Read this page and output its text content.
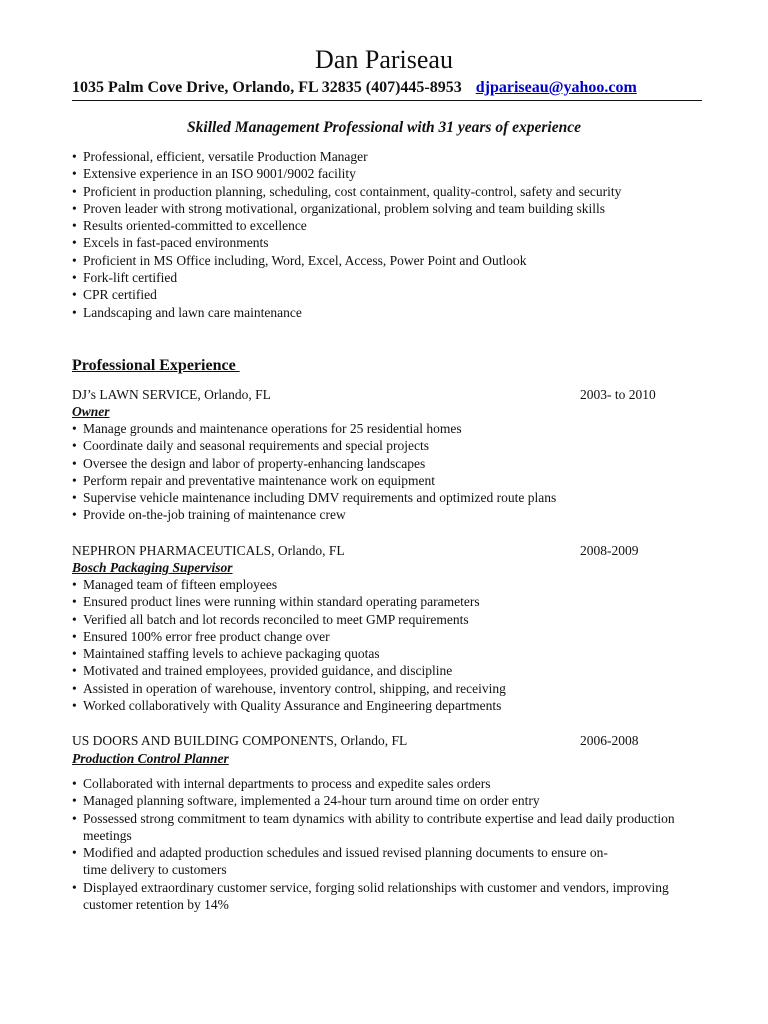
Dan Pariseau
1035 Palm Cove Drive, Orlando, FL 32835 (407)445-8953 djpariseau@yahoo.com
Skilled Management Professional with 31 years of experience
• Professional, efficient, versatile Production Manager
• Extensive experience in an ISO 9001/9002 facility
• Proficient in production planning, scheduling, cost containment, quality-control, safety and security
• Proven leader with strong motivational, organizational, problem solving and team building skills
• Results oriented-committed to excellence
• Excels in fast-paced environments
• Proficient in MS Office including, Word, Excel, Access, Power Point and Outlook
• Fork-lift certified
• CPR certified
• Landscaping and lawn care maintenance
Professional Experience
DJ’s LAWN SERVICE, Orlando, FL	2003- to 2010
Owner
• Manage grounds and maintenance operations for 25 residential homes
• Coordinate daily and seasonal requirements and special projects
• Oversee the design and labor of property-enhancing landscapes
• Perform repair and preventative maintenance work on equipment
• Supervise vehicle maintenance including DMV requirements and optimized route plans
• Provide on-the-job training of maintenance crew
NEPHRON PHARMACEUTICALS, Orlando, FL	2008-2009
Bosch Packaging Supervisor
• Managed team of fifteen employees
• Ensured product lines were running within standard operating parameters
• Verified all batch and lot records reconciled to meet GMP requirements
• Ensured 100% error free product change over
• Maintained staffing levels to achieve packaging quotas
• Motivated and trained employees, provided guidance, and discipline
• Assisted in operation of warehouse, inventory control, shipping, and receiving
• Worked collaboratively with Quality Assurance and Engineering departments
US DOORS AND BUILDING COMPONENTS, Orlando, FL	2006-2008
Production Control Planner
• Collaborated with internal departments to process and expedite sales orders
• Managed planning software, implemented a 24-hour turn around time on order entry
• Possessed strong commitment to team dynamics with ability to contribute expertise and lead daily production meetings
• Modified and adapted production schedules and issued revised planning documents to ensure on-time delivery to customers
• Displayed extraordinary customer service, forging solid relationships with customer and vendors, improving customer retention by 14%
